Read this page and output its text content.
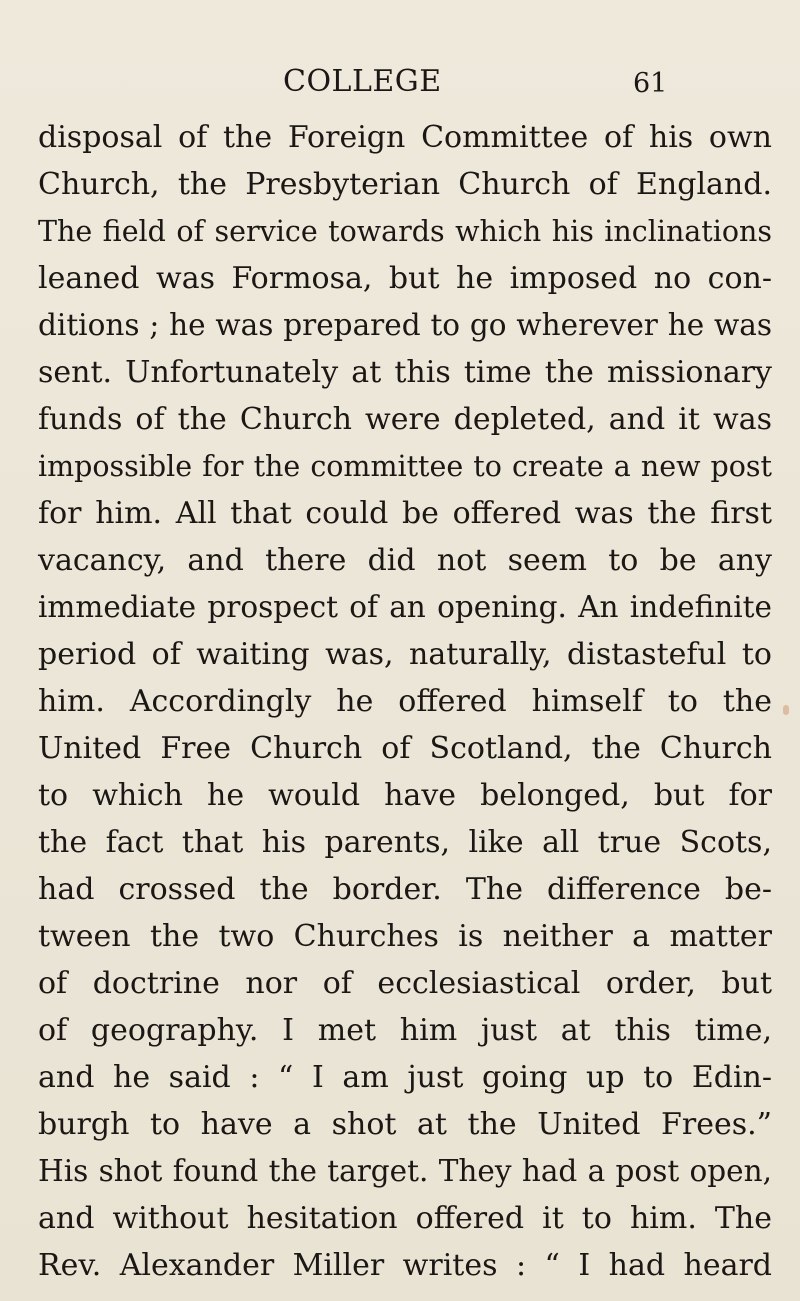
COLLEGE	61
disposal of the Foreign Committee of his own
Church, the Presbyterian Church of England.
The field of service towards which his inclinations
leaned was Formosa, but he imposed no con-
ditions ; he was prepared to go wherever he was
sent. Unfortunately at this time the missionary
funds of the Church were depleted, and it was
impossible for the committee to create a new post
for him. All that could be offered was the first
vacancy, and there did not seem to be any
immediate prospect of an opening. An indefinite
period of waiting was, naturally, distasteful to
him. Accordingly he offered himself to the
United Free Church of Scotland, the Church
to which he would have belonged, but for
the fact that his parents, like all true Scots,
had crossed the border. The difference be-
tween the two Churches is neither a matter
of doctrine nor of ecclesiastical order, but
of geography. I met him just at this time,
and he said : “ I am just going up to Edin-
burgh to have a shot at the United Frees.”
His shot found the target. They had a post open,
and without hesitation offered it to him. The
Rev. Alexander Miller writes : “ I had heard
